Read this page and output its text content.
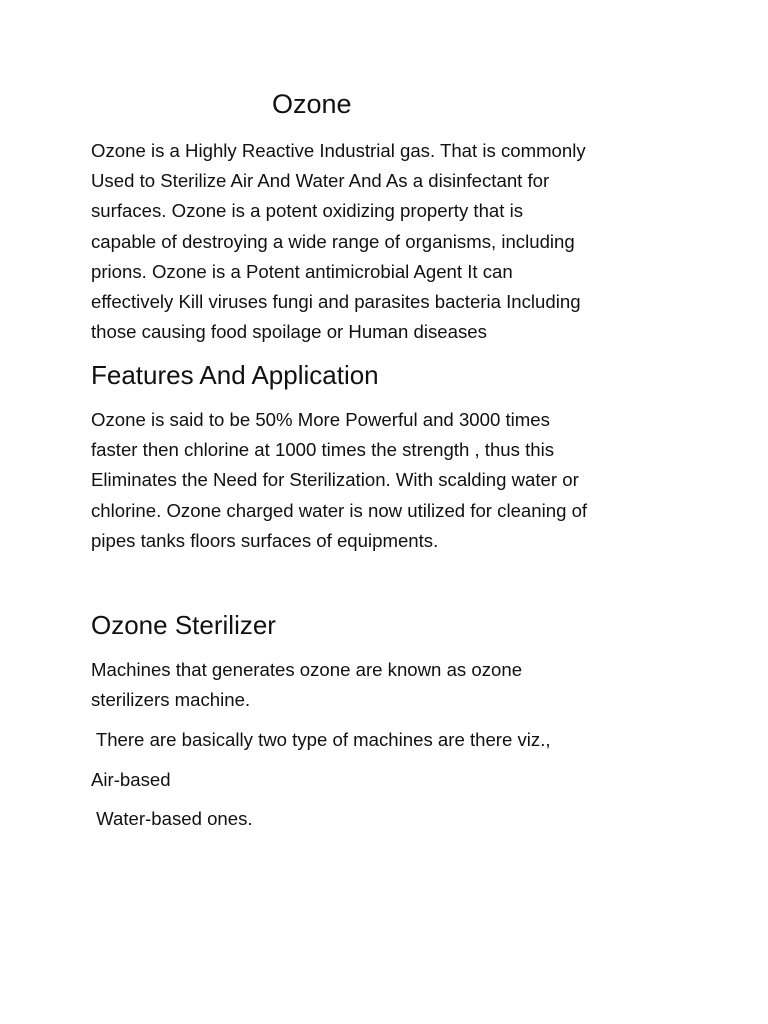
Ozone

Ozone is a Highly Reactive Industrial gas. That is commonly
Used to Sterilize Air And Water And As a disinfectant for
surfaces. Ozone is a potent oxidizing property that is
capable of destroying a wide range of organisms, including
prions. Ozone is a Potent antimicrobial Agent It can
effectively Kill viruses fungi and parasites bacteria Including
those causing food spoilage or Human diseases

Features And Application

Ozone is said to be 50% More Powerful and 3000 times
faster then chlorine at 1000 times the strength , thus this
Eliminates the Need for Sterilization. With scalding water or
chlorine. Ozone charged water is now utilized for cleaning of
pipes tanks floors surfaces of equipments.

Ozone Sterilizer

Machines that generates ozone are known as ozone
sterilizers machine.

There are basically two type of machines are there viz.,

Air-based

Water-based ones.
